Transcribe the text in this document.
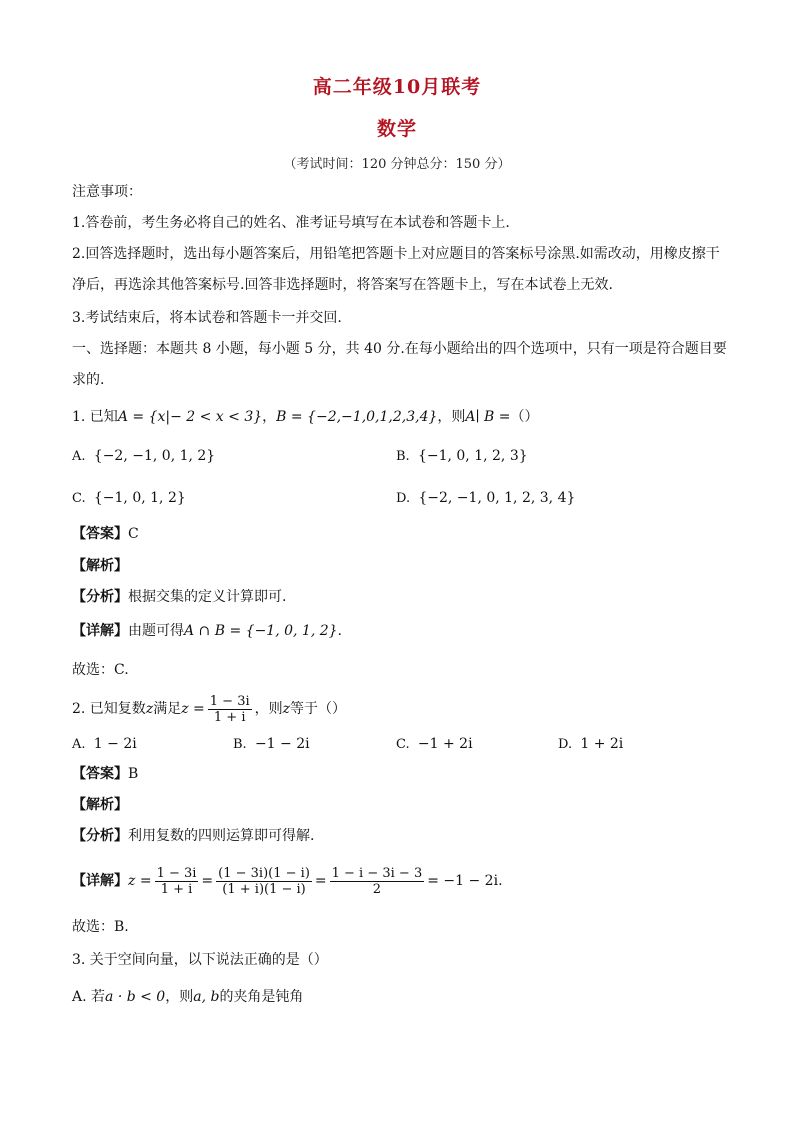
高二年级10月联考
数学
（考试时间：120 分钟总分：150 分）
注意事项：
1.答卷前，考生务必将自己的姓名、准考证号填写在本试卷和答题卡上.
2.回答选择题时，选出每小题答案后，用铅笔把答题卡上对应题目的答案标号涂黑.如需改动，用橡皮擦干
净后，再选涂其他答案标号.回答非选择题时，将答案写在答题卡上，写在本试卷上无效.
3.考试结束后，将本试卷和答题卡一并交回.
一、选择题：本题共 8 小题，每小题 5 分，共 40 分.在每小题给出的四个选项中，只有一项是符合题目要
求的.
1. 已知A = {x|− 2 < x < 3}，B = {−2,−1,0,1,2,3,4}，则A∣ B =（）
A. {−2, −1, 0, 1, 2}	B. {−1, 0, 1, 2, 3}
C. {−1, 0, 1, 2}	D. {−2, −1, 0, 1, 2, 3, 4}
【答案】C
【解析】
【分析】根据交集的定义计算即可.
【详解】由题可得A ∩ B = {−1, 0, 1, 2}.
故选：C.
2. 已知复数 z 满足 $z = \frac{1 - 3i}{1 + i}$ ，则 z 等于（）
A. 1 − 2i	B. −1 − 2i	C. −1 + 2i	D. 1 + 2i
【答案】B
【解析】
【分析】利用复数的四则运算即可得解.
【详解】 $z = \frac{1 - 3i}{1 + i} = \frac{(1 - 3i)(1 - i)}{(1 + i)(1 - i)} = \frac{1 - i - 3i - 3}{2} = -1 - 2i$ .
故选：B.
3. 关于空间向量，以下说法正确的是（）
A. 若a · b < 0，则a, b的夹角是钝角
